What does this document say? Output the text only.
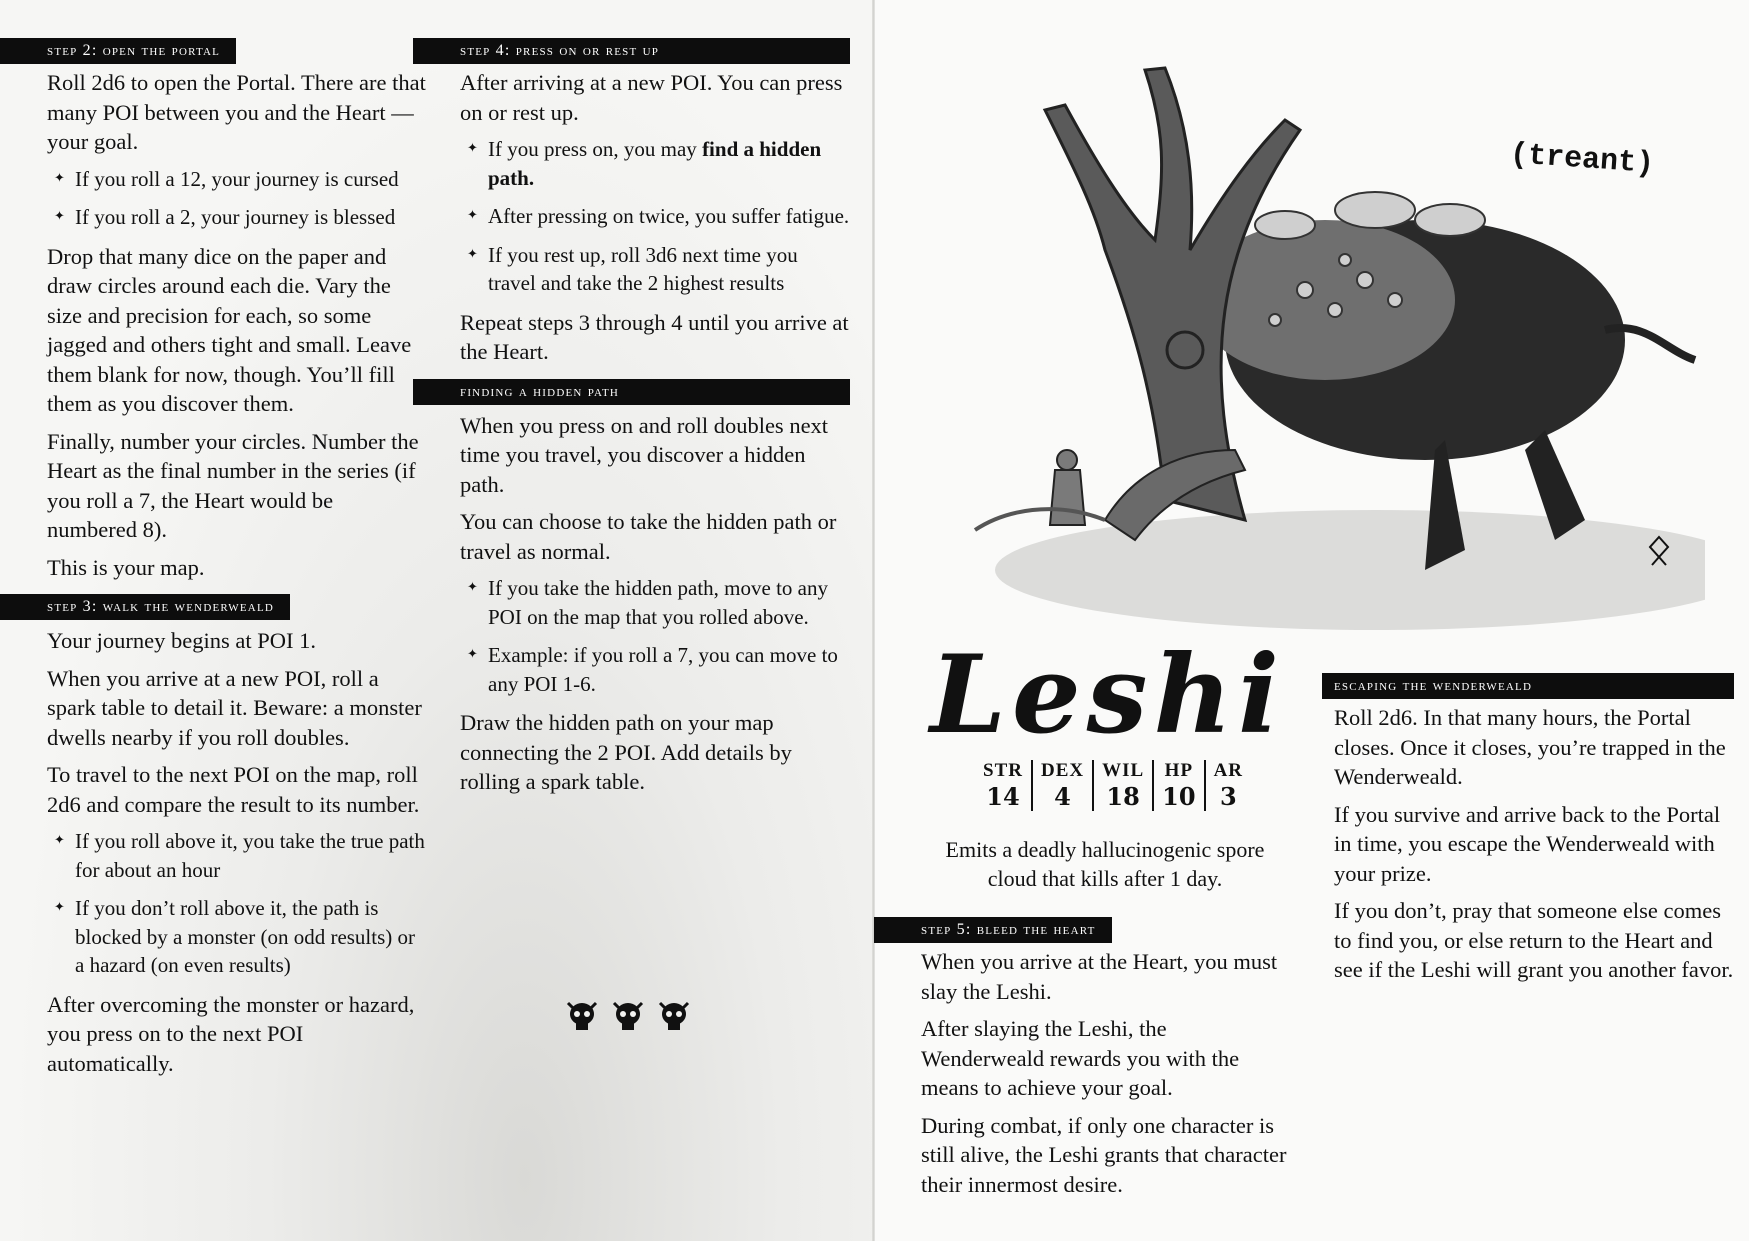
step 2: open the portal

Roll 2d6 to open the Portal. There are that many POI between you and the Heart — your goal.

✦ If you roll a 12, your journey is cursed
✦ If you roll a 2, your journey is blessed

Drop that many dice on the paper and draw circles around each die. Vary the size and precision for each, so some jagged and others tight and small. Leave them blank for now, though. You’ll fill them as you discover them.

Finally, number your circles. Number the Heart as the final number in the series (if you roll a 7, the Heart would be numbered 8).

This is your map.

step 3: walk the wenderweald

Your journey begins at POI 1.

When you arrive at a new POI, roll a spark table to detail it. Beware: a monster dwells nearby if you roll doubles.

To travel to the next POI on the map, roll 2d6 and compare the result to its number.

✦ If you roll above it, you take the true path for about an hour
✦ If you don’t roll above it, the path is blocked by a monster (on odd results) or a hazard (on even results)

After overcoming the monster or hazard, you press on to the next POI automatically.

step 4: press on or rest up

After arriving at a new POI. You can press on or rest up.

✦ If you press on, you may find a hidden path.
✦ After pressing on twice, you suffer fatigue.
✦ If you rest up, roll 3d6 next time you travel and take the 2 highest results

Repeat steps 3 through 4 until you arrive at the Heart.

finding a hidden path

When you press on and roll doubles next time you travel, you discover a hidden path.

You can choose to take the hidden path or travel as normal.

✦ If you take the hidden path, move to any POI on the map that you rolled above.
✦ Example: if you roll a 7, you can move to any POI 1-6.

Draw the hidden path on your map connecting the 2 POI. Add details by rolling a spark table.

(treant)
Leshi
STR
14
DEX
4
WIL
18
HP
10
AR
3
Emits a deadly hallucinogenic spore cloud that kills after 1 day.
step 5: bleed the heart

When you arrive at the Heart, you must slay the Leshi.

After slaying the Leshi, the Wenderweald rewards you with the means to achieve your goal.

During combat, if only one character is still alive, the Leshi grants that character their innermost desire.

escaping the wenderweald

Roll 2d6. In that many hours, the Portal closes. Once it closes, you’re trapped in the Wenderweald.

If you survive and arrive back to the Portal in time, you escape the Wenderweald with your prize.

If you don’t, pray that someone else comes to find you, or else return to the Heart and see if the Leshi will grant you another favor.
